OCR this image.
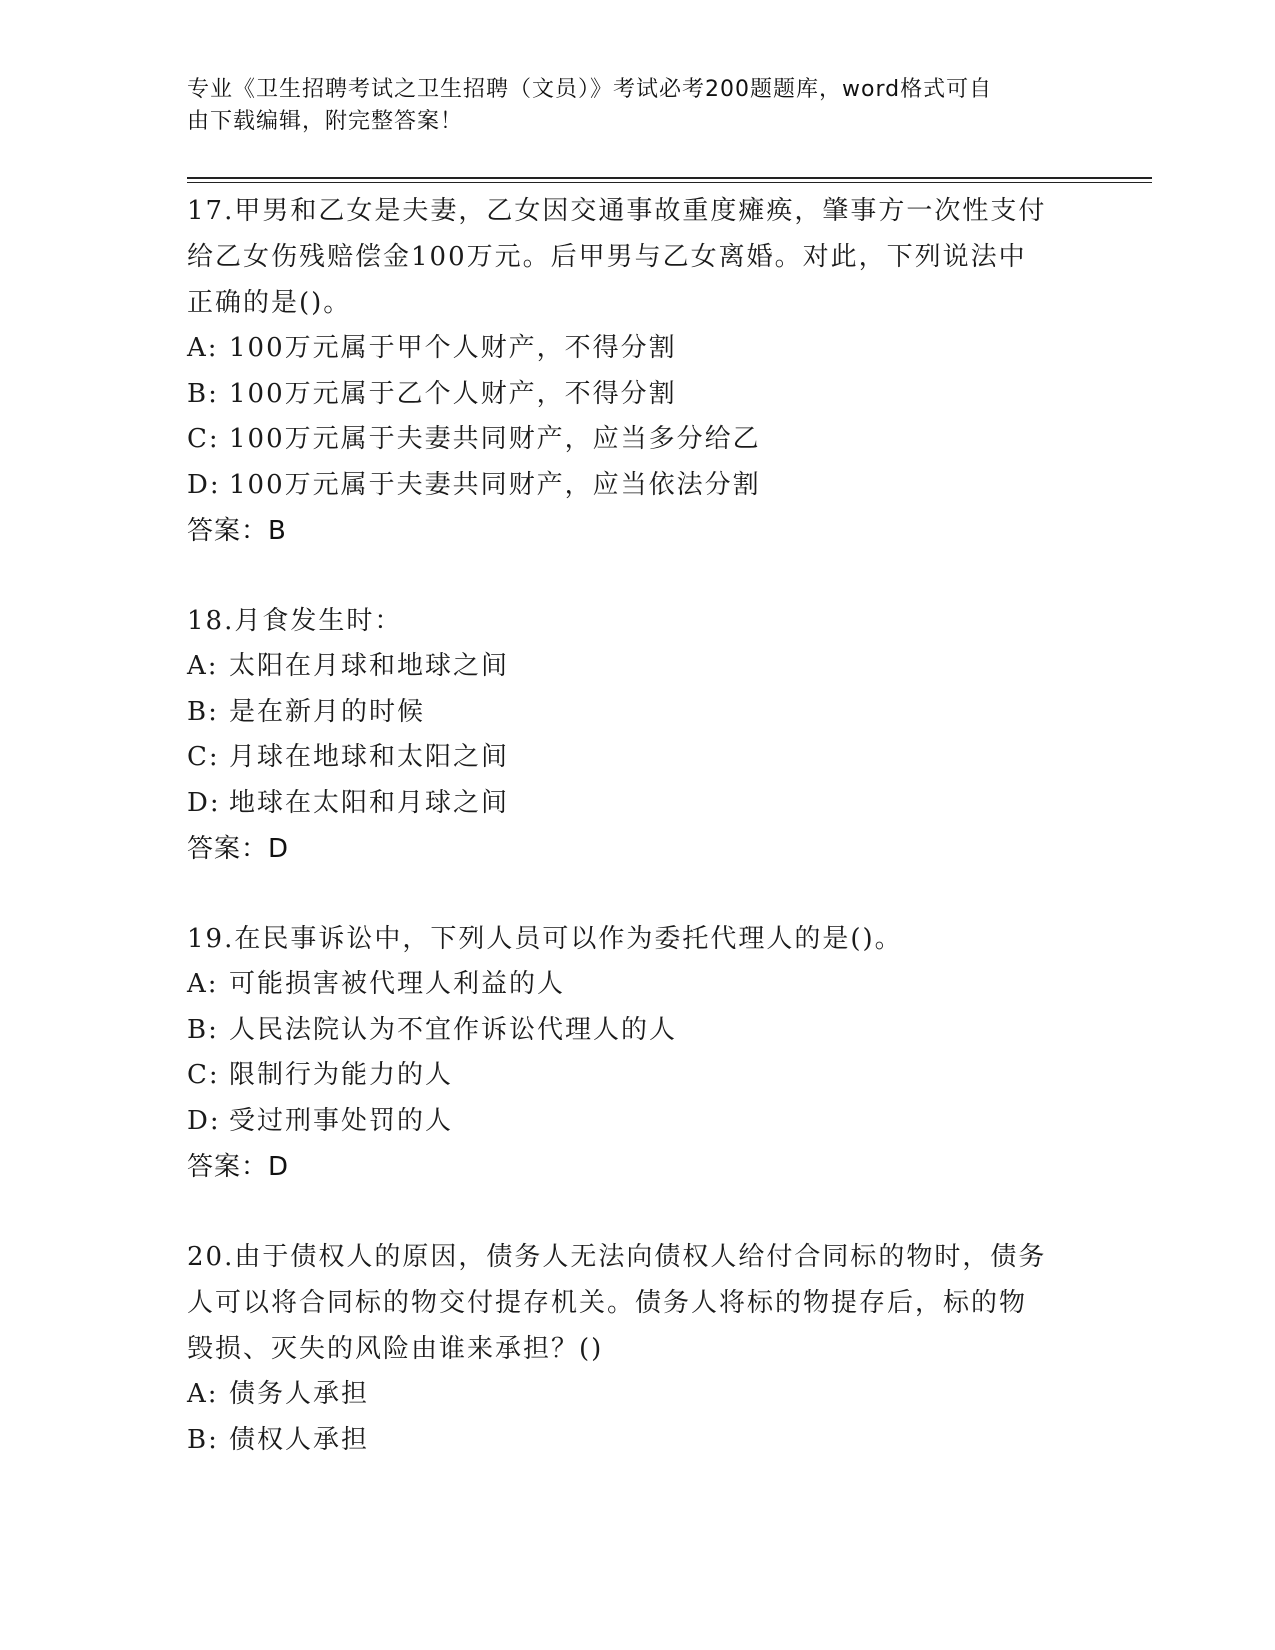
专业《卫生招聘考试之卫生招聘（文员）》考试必考200题题库，word格式可自
由下载编辑，附完整答案！
17.甲男和乙女是夫妻，乙女因交通事故重度瘫痪，肇事方一次性支付
给乙女伤残赔偿金100万元。后甲男与乙女离婚。对此，下列说法中
正确的是()。
A: 100万元属于甲个人财产，不得分割
B: 100万元属于乙个人财产，不得分割
C: 100万元属于夫妻共同财产，应当多分给乙
D: 100万元属于夫妻共同财产，应当依法分割
答案：B
18.月食发生时：
A: 太阳在月球和地球之间
B: 是在新月的时候
C: 月球在地球和太阳之间
D: 地球在太阳和月球之间
答案：D
19.在民事诉讼中，下列人员可以作为委托代理人的是()。
A: 可能损害被代理人利益的人
B: 人民法院认为不宜作诉讼代理人的人
C: 限制行为能力的人
D: 受过刑事处罚的人
答案：D
20.由于债权人的原因，债务人无法向债权人给付合同标的物时，债务
人可以将合同标的物交付提存机关。债务人将标的物提存后，标的物
毁损、灭失的风险由谁来承担？()
A: 债务人承担
B: 债权人承担
